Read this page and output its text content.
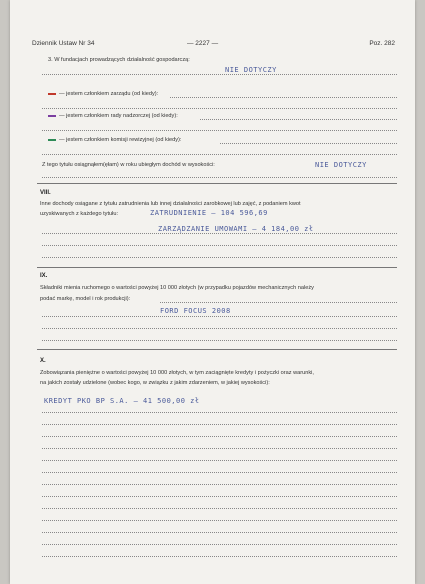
Dziennik Ustaw Nr 34	— 2227 —	Poz. 282
3. W fundacjach prowadzących działalność gospodarczą:
NIE DOTYCZY
— jestem członkiem zarządu (od kiedy):
— jestem członkiem rady nadzorczej (od kiedy):
— jestem członkiem komisji rewizyjnej (od kiedy):
Z tego tytułu osiągnąłem(ęłam) w roku ubiegłym dochód w wysokości:	NIE DOTYCZY
VIII.
Inne dochody osiągane z tytułu zatrudnienia lub innej działalności zarobkowej lub zajęć, z podaniem kwot
uzyskiwanych z każdego tytułu:	ZATRUDNIENIE — 104 596,69
ZARZĄDZANIE UMOWAMI — 4 184,00 zł
IX.
Składniki mienia ruchomego o wartości powyżej 10 000 złotych (w przypadku pojazdów mechanicznych należy
podać markę, model i rok produkcji):
FORD FOCUS 2008
X.
Zobowiązania pieniężne o wartości powyżej 10 000 złotych, w tym zaciągnięte kredyty i pożyczki oraz warunki,
na jakich zostały udzielone (wobec kogo, w związku z jakim zdarzeniem, w jakiej wysokości):
KREDYT PKO BP S.A. — 41 500,00 zł
